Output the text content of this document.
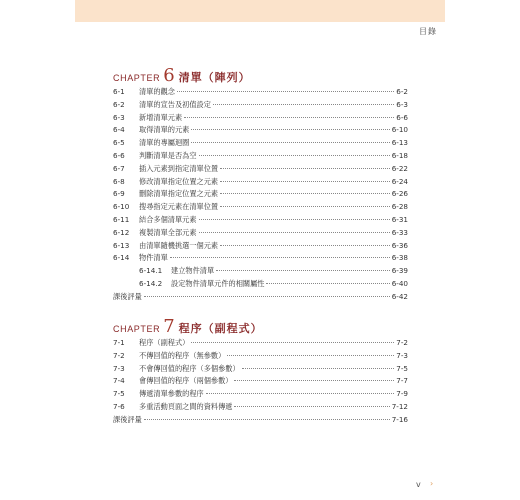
目錄
CHAPTER 6 清單（陣列）
6-1	清單的觀念	6-2
6-2	清單的宣告及初值設定	6-3
6-3	新增清單元素	6-6
6-4	取得清單的元素	6-10
6-5	清單的專屬迴圈	6-13
6-6	判斷清單是否為空	6-18
6-7	插入元素到指定清單位置	6-22
6-8	修改清單指定位置之元素	6-24
6-9	刪除清單指定位置之元素	6-26
6-10	搜尋指定元素在清單位置	6-28
6-11	結合多個清單元素	6-31
6-12	複製清單全部元素	6-33
6-13	由清單隨機挑選一個元素	6-36
6-14	物件清單	6-38
6-14.1	建立物件清單	6-39
6-14.2	設定物件清單元件的相關屬性	6-40
課後評量	6-42
CHAPTER 7 程序（副程式）
7-1	程序（副程式）	7-2
7-2	不傳回值的程序（無參數）	7-3
7-3	不會傳回值的程序（多個參數）	7-5
7-4	會傳回值的程序（兩個參數）	7-7
7-5	傳遞清單參數的程序	7-9
7-6	多重活動頁面之間的資料傳遞	7-12
課後評量	7-16
v ›
